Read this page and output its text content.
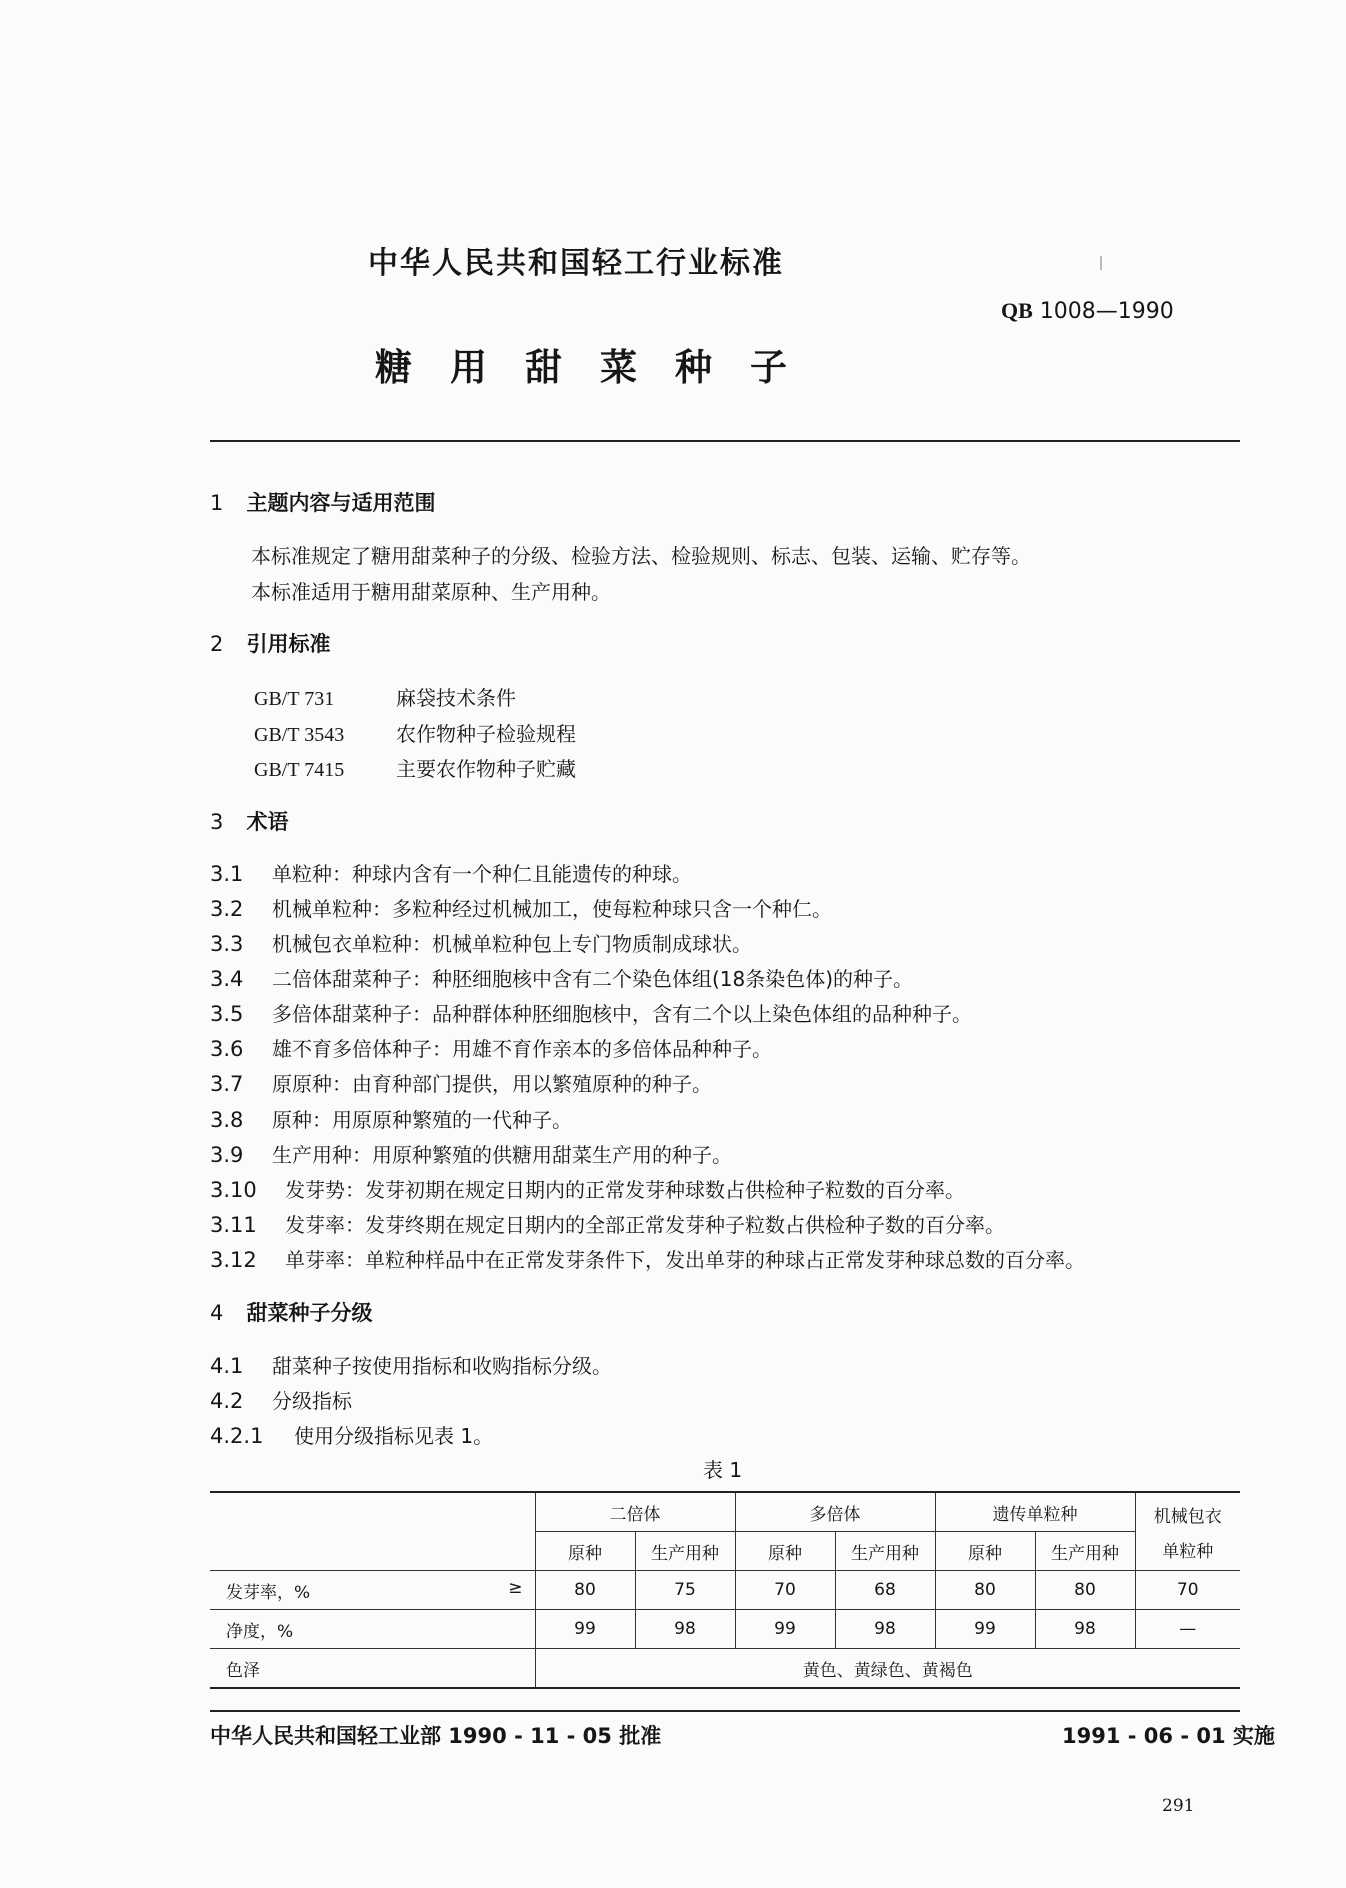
中华人民共和国轻工行业标准
QB 1008—1990
糖用甜菜种子
1 主题内容与适用范围
本标准规定了糖用甜菜种子的分级、检验方法、检验规则、标志、包装、运输、贮存等。
本标准适用于糖用甜菜原种、生产用种。
2 引用标准
GB/T 731	麻袋技术条件
GB/T 3543	农作物种子检验规程
GB/T 7415	主要农作物种子贮藏
3 术语
3.1 单粒种：种球内含有一个种仁且能遗传的种球。
3.2 机械单粒种：多粒种经过机械加工，使每粒种球只含一个种仁。
3.3 机械包衣单粒种：机械单粒种包上专门物质制成球状。
3.4 二倍体甜菜种子：种胚细胞核中含有二个染色体组(18条染色体)的种子。
3.5 多倍体甜菜种子：品种群体种胚细胞核中，含有二个以上染色体组的品种种子。
3.6 雄不育多倍体种子：用雄不育作亲本的多倍体品种种子。
3.7 原原种：由育种部门提供，用以繁殖原种的种子。
3.8 原种：用原原种繁殖的一代种子。
3.9 生产用种：用原种繁殖的供糖用甜菜生产用的种子。
3.10 发芽势：发芽初期在规定日期内的正常发芽种球数占供检种子粒数的百分率。
3.11 发芽率：发芽终期在规定日期内的全部正常发芽种子粒数占供检种子数的百分率。
3.12 单芽率：单粒种样品中在正常发芽条件下，发出单芽的种球占正常发芽种球总数的百分率。
4 甜菜种子分级
4.1 甜菜种子按使用指标和收购指标分级。
4.2 分级指标
4.2.1 使用分级指标见表 1。
表 1
	二倍体		多倍体		遗传单粒种		机械包衣
单粒种

	原种	生产用种	原种	生产用种	原种	生产用种	
发芽率，% ≥	80	75	70	68	80	80	70
净度，%	99	98	99	98	99	98	—
色泽	黄色、黄绿色、黄褐色						
中华人民共和国轻工业部 1990 - 11 - 05 批准	1991 - 06 - 01 实施
291
